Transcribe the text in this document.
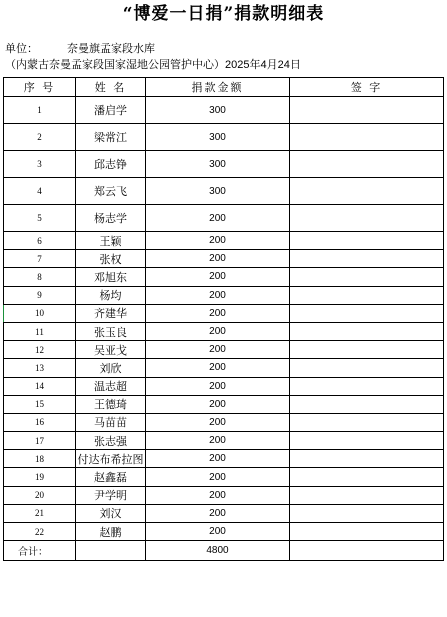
“博爱一日捐”捐款明细表
单位：	奈曼旗孟家段水库
（内蒙古奈曼孟家段国家湿地公园管护中心）2025年4月24日
序 号	姓 名	捐款金额	签 字
1	潘启学	300	
2	梁常江	300	
3	邱志铮	300	
4	郑云飞	300	
5	杨志学	200	
6	王颖	200	
7	张权	200	
8	邓旭东	200	
9	杨均	200	
10	齐建华	200	
11	张玉良	200	
12	吴亚戈	200	
13	刘欣	200	
14	温志超	200	
15	王德琦	200	
16	马苗苗	200	
17	张志强	200	
18	付达布希拉图	200	
19	赵鑫磊	200	
20	尹学明	200	
21	刘汉	200	
22	赵鹏	200	
合计：		4800	
